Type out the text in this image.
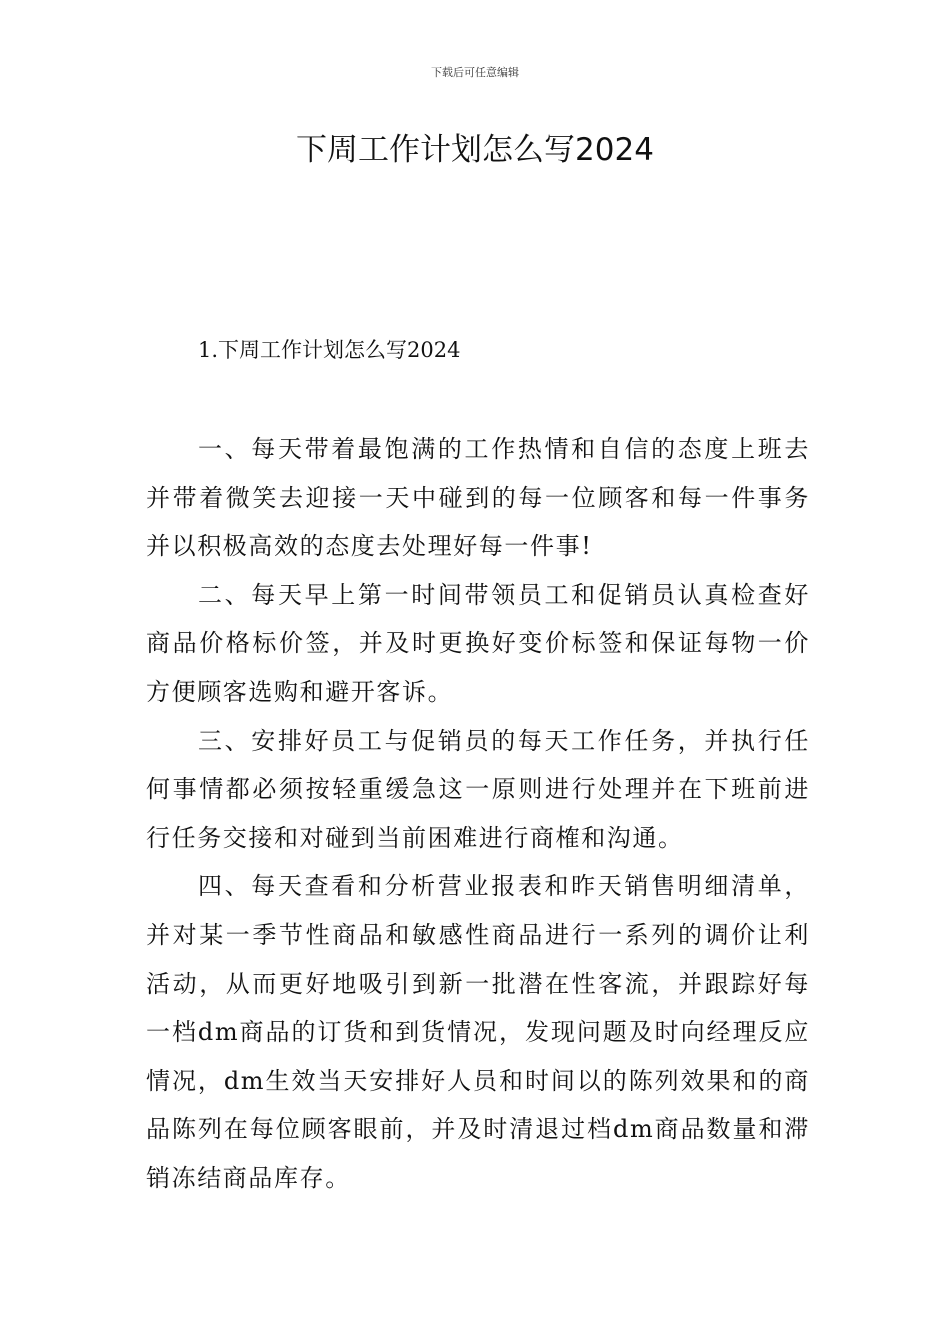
下载后可任意编辑
下周工作计划怎么写2024
1.下周工作计划怎么写2024

一、每天带着最饱满的工作热情和自信的态度上班去并带着微笑去迎接一天中碰到的每一位顾客和每一件事务并以积极高效的态度去处理好每一件事!

二、每天早上第一时间带领员工和促销员认真检查好商品价格标价签，并及时更换好变价标签和保证每物一价方便顾客选购和避开客诉。

三、安排好员工与促销员的每天工作任务，并执行任何事情都必须按轻重缓急这一原则进行处理并在下班前进行任务交接和对碰到当前困难进行商榷和沟通。

四、每天查看和分析营业报表和昨天销售明细清单，并对某一季节性商品和敏感性商品进行一系列的调价让利活动，从而更好地吸引到新一批潜在性客流，并跟踪好每一档dm商品的订货和到货情况，发现问题及时向经理反应情况，dm生效当天安排好人员和时间以的陈列效果和的商品陈列在每位顾客眼前，并及时清退过档dm商品数量和滞销冻结商品库存。
